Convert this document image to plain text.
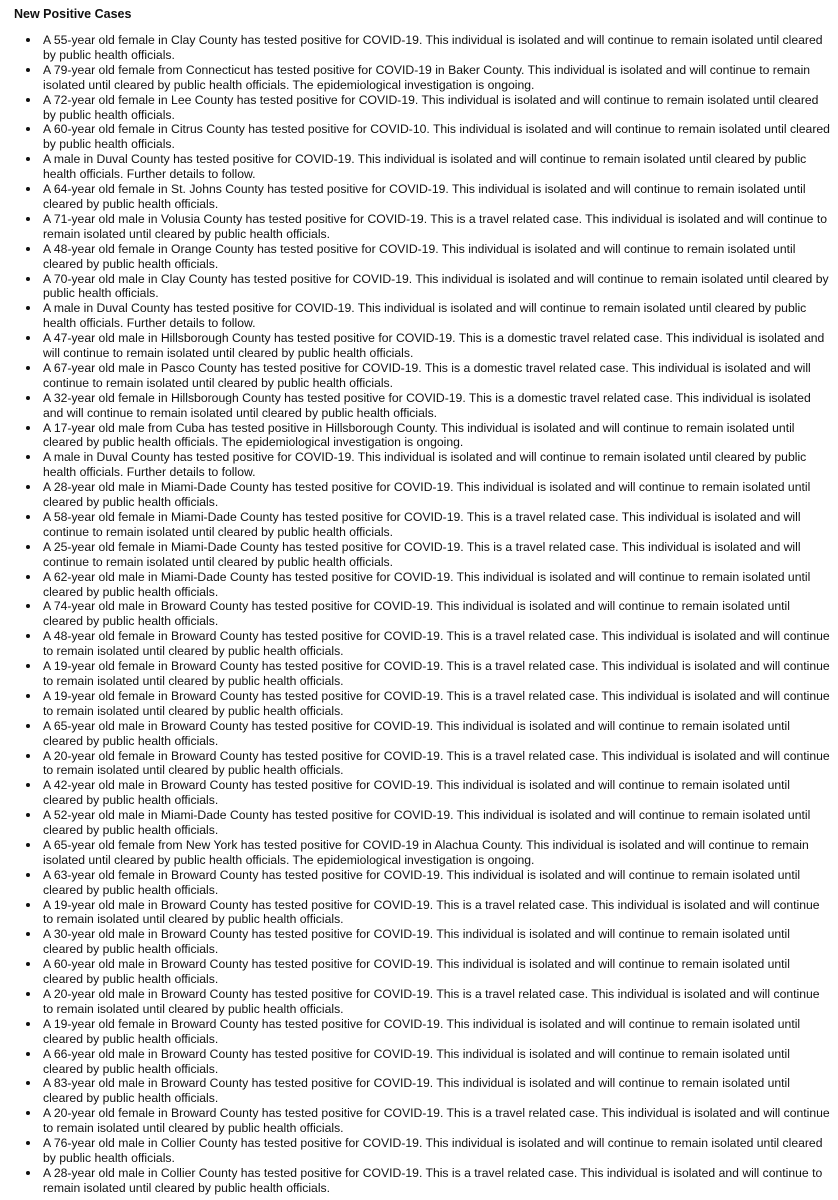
New Positive Cases
A 55-year old female in Clay County has tested positive for COVID-19. This individual is isolated and will continue to remain isolated until cleared by public health officials.
A 79-year old female from Connecticut has tested positive for COVID-19 in Baker County. This individual is isolated and will continue to remain isolated until cleared by public health officials. The epidemiological investigation is ongoing.
A 72-year old female in Lee County has tested positive for COVID-19. This individual is isolated and will continue to remain isolated until cleared by public health officials.
A 60-year old female in Citrus County has tested positive for COVID-10. This individual is isolated and will continue to remain isolated until cleared by public health officials.
A male in Duval County has tested positive for COVID-19. This individual is isolated and will continue to remain isolated until cleared by public health officials. Further details to follow.
A 64-year old female in St. Johns County has tested positive for COVID-19. This individual is isolated and will continue to remain isolated until cleared by public health officials.
A 71-year old male in Volusia County has tested positive for COVID-19. This is a travel related case. This individual is isolated and will continue to remain isolated until cleared by public health officials.
A 48-year old female in Orange County has tested positive for COVID-19. This individual is isolated and will continue to remain isolated until cleared by public health officials.
A 70-year old male in Clay County has tested positive for COVID-19. This individual is isolated and will continue to remain isolated until cleared by public health officials.
A male in Duval County has tested positive for COVID-19. This individual is isolated and will continue to remain isolated until cleared by public health officials. Further details to follow.
A 47-year old male in Hillsborough County has tested positive for COVID-19. This is a domestic travel related case. This individual is isolated and will continue to remain isolated until cleared by public health officials.
A 67-year old male in Pasco County has tested positive for COVID-19. This is a domestic travel related case. This individual is isolated and will continue to remain isolated until cleared by public health officials.
A 32-year old female in Hillsborough County has tested positive for COVID-19. This is a domestic travel related case. This individual is isolated and will continue to remain isolated until cleared by public health officials.
A 17-year old male from Cuba has tested positive in Hillsborough County. This individual is isolated and will continue to remain isolated until cleared by public health officials. The epidemiological investigation is ongoing.
A male in Duval County has tested positive for COVID-19. This individual is isolated and will continue to remain isolated until cleared by public health officials. Further details to follow.
A 28-year old male in Miami-Dade County has tested positive for COVID-19. This individual is isolated and will continue to remain isolated until cleared by public health officials.
A 58-year old female in Miami-Dade County has tested positive for COVID-19. This is a travel related case. This individual is isolated and will continue to remain isolated until cleared by public health officials.
A 25-year old female in Miami-Dade County has tested positive for COVID-19. This is a travel related case. This individual is isolated and will continue to remain isolated until cleared by public health officials.
A 62-year old male in Miami-Dade County has tested positive for COVID-19. This individual is isolated and will continue to remain isolated until cleared by public health officials.
A 74-year old male in Broward County has tested positive for COVID-19. This individual is isolated and will continue to remain isolated until cleared by public health officials.
A 48-year old female in Broward County has tested positive for COVID-19. This is a travel related case. This individual is isolated and will continue to remain isolated until cleared by public health officials.
A 19-year old female in Broward County has tested positive for COVID-19. This is a travel related case. This individual is isolated and will continue to remain isolated until cleared by public health officials.
A 19-year old female in Broward County has tested positive for COVID-19. This is a travel related case. This individual is isolated and will continue to remain isolated until cleared by public health officials.
A 65-year old male in Broward County has tested positive for COVID-19. This individual is isolated and will continue to remain isolated until cleared by public health officials.
A 20-year old female in Broward County has tested positive for COVID-19. This is a travel related case. This individual is isolated and will continue to remain isolated until cleared by public health officials.
A 42-year old male in Broward County has tested positive for COVID-19. This individual is isolated and will continue to remain isolated until cleared by public health officials.
A 52-year old male in Miami-Dade County has tested positive for COVID-19. This individual is isolated and will continue to remain isolated until cleared by public health officials.
A 65-year old female from New York has tested positive for COVID-19 in Alachua County. This individual is isolated and will continue to remain isolated until cleared by public health officials. The epidemiological investigation is ongoing.
A 63-year old female in Broward County has tested positive for COVID-19. This individual is isolated and will continue to remain isolated until cleared by public health officials.
A 19-year old male in Broward County has tested positive for COVID-19. This is a travel related case. This individual is isolated and will continue to remain isolated until cleared by public health officials.
A 30-year old male in Broward County has tested positive for COVID-19. This individual is isolated and will continue to remain isolated until cleared by public health officials.
A 60-year old male in Broward County has tested positive for COVID-19. This individual is isolated and will continue to remain isolated until cleared by public health officials.
A 20-year old male in Broward County has tested positive for COVID-19. This is a travel related case. This individual is isolated and will continue to remain isolated until cleared by public health officials.
A 19-year old female in Broward County has tested positive for COVID-19. This individual is isolated and will continue to remain isolated until cleared by public health officials.
A 66-year old male in Broward County has tested positive for COVID-19. This individual is isolated and will continue to remain isolated until cleared by public health officials.
A 83-year old male in Broward County has tested positive for COVID-19. This individual is isolated and will continue to remain isolated until cleared by public health officials.
A 20-year old female in Broward County has tested positive for COVID-19. This is a travel related case. This individual is isolated and will continue to remain isolated until cleared by public health officials.
A 76-year old male in Collier County has tested positive for COVID-19. This individual is isolated and will continue to remain isolated until cleared by public health officials.
A 28-year old male in Collier County has tested positive for COVID-19. This is a travel related case. This individual is isolated and will continue to remain isolated until cleared by public health officials.
